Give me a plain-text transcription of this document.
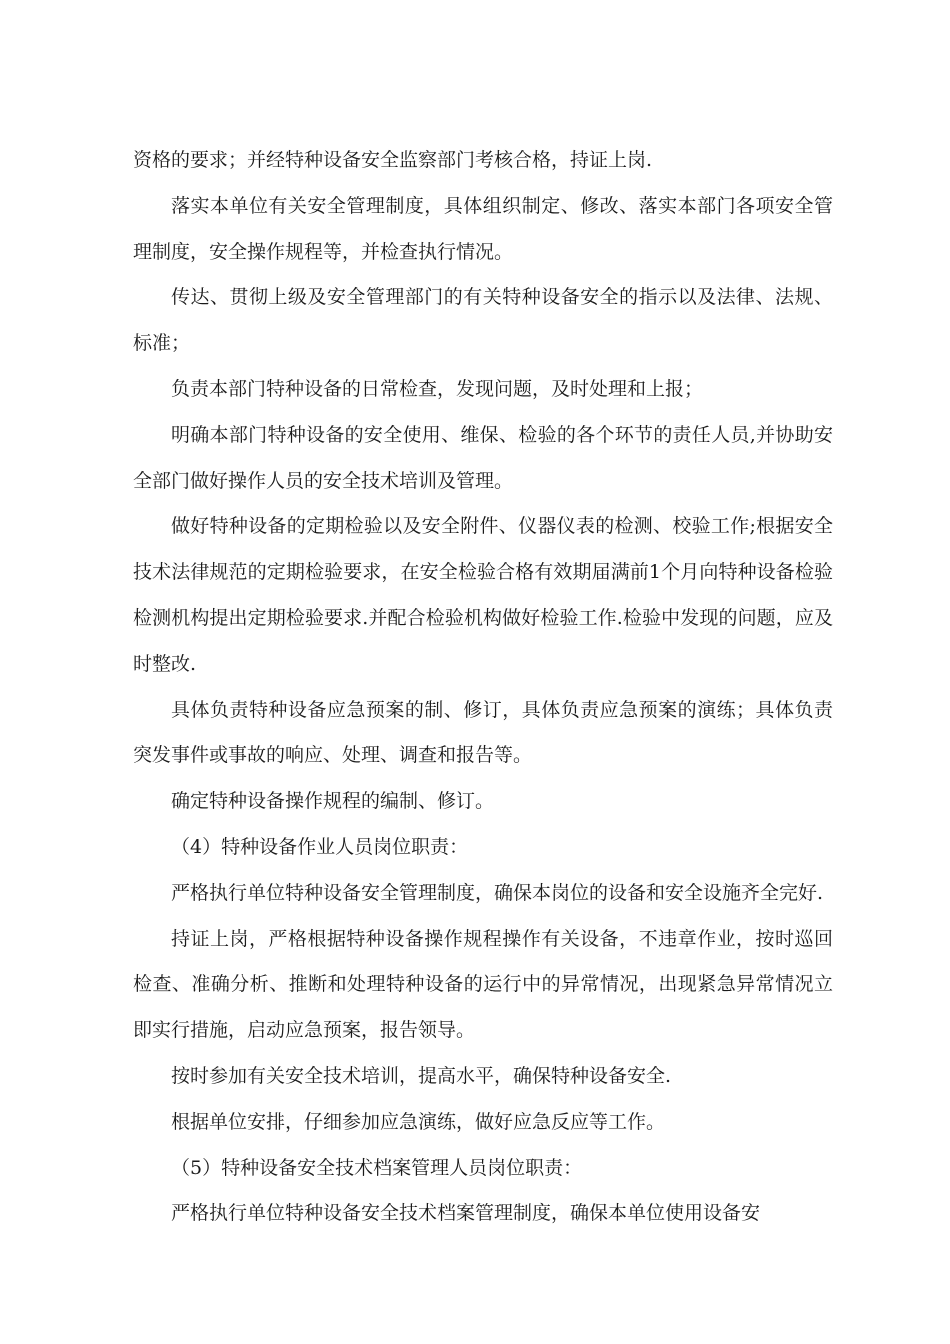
资格的要求；并经特种设备安全监察部门考核合格，持证上岗.

落实本单位有关安全管理制度，具体组织制定、修改、落实本部门各项安全管理制度，安全操作规程等，并检查执行情况。

传达、贯彻上级及安全管理部门的有关特种设备安全的指示以及法律、法规、标准；

负责本部门特种设备的日常检查，发现问题，及时处理和上报；

明确本部门特种设备的安全使用、维保、检验的各个环节的责任人员,并协助安全部门做好操作人员的安全技术培训及管理。

做好特种设备的定期检验以及安全附件、仪器仪表的检测、校验工作;根据安全技术法律规范的定期检验要求，在安全检验合格有效期届满前1个月向特种设备检验检测机构提出定期检验要求.并配合检验机构做好检验工作.检验中发现的问题，应及时整改.

具体负责特种设备应急预案的制、修订，具体负责应急预案的演练；具体负责突发事件或事故的响应、处理、调查和报告等。

确定特种设备操作规程的编制、修订。

（4）特种设备作业人员岗位职责：

严格执行单位特种设备安全管理制度，确保本岗位的设备和安全设施齐全完好.

持证上岗，严格根据特种设备操作规程操作有关设备，不违章作业，按时巡回检查、准确分析、推断和处理特种设备的运行中的异常情况，出现紧急异常情况立即实行措施，启动应急预案，报告领导。

按时参加有关安全技术培训，提高水平，确保特种设备安全.

根据单位安排，仔细参加应急演练，做好应急反应等工作。

（5）特种设备安全技术档案管理人员岗位职责：

严格执行单位特种设备安全技术档案管理制度，确保本单位使用设备安
